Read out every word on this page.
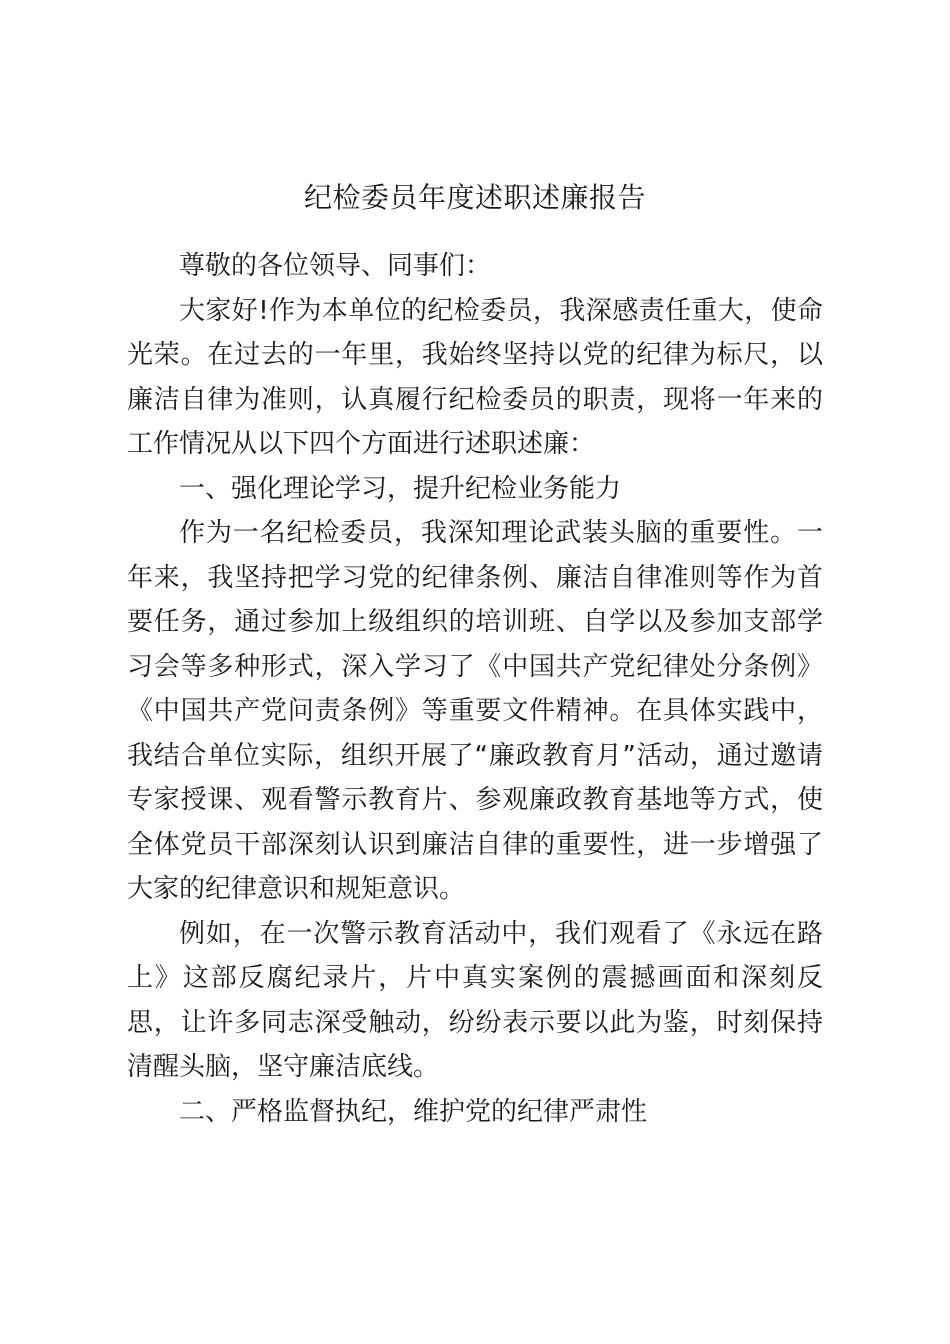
纪检委员年度述职述廉报告

尊敬的各位领导、同事们：

大家好!作为本单位的纪检委员，我深感责任重大，使命光荣。在过去的一年里，我始终坚持以党的纪律为标尺，以廉洁自律为准则，认真履行纪检委员的职责，现将一年来的工作情况从以下四个方面进行述职述廉：

一、强化理论学习，提升纪检业务能力

作为一名纪检委员，我深知理论武装头脑的重要性。一年来，我坚持把学习党的纪律条例、廉洁自律准则等作为首要任务，通过参加上级组织的培训班、自学以及参加支部学习会等多种形式，深入学习了《中国共产党纪律处分条例》《中国共产党问责条例》等重要文件精神。在具体实践中，我结合单位实际，组织开展了“廉政教育月”活动，通过邀请专家授课、观看警示教育片、参观廉政教育基地等方式，使全体党员干部深刻认识到廉洁自律的重要性，进一步增强了大家的纪律意识和规矩意识。

例如，在一次警示教育活动中，我们观看了《永远在路上》这部反腐纪录片，片中真实案例的震撼画面和深刻反思，让许多同志深受触动，纷纷表示要以此为鉴，时刻保持清醒头脑，坚守廉洁底线。

二、严格监督执纪，维护党的纪律严肃性
